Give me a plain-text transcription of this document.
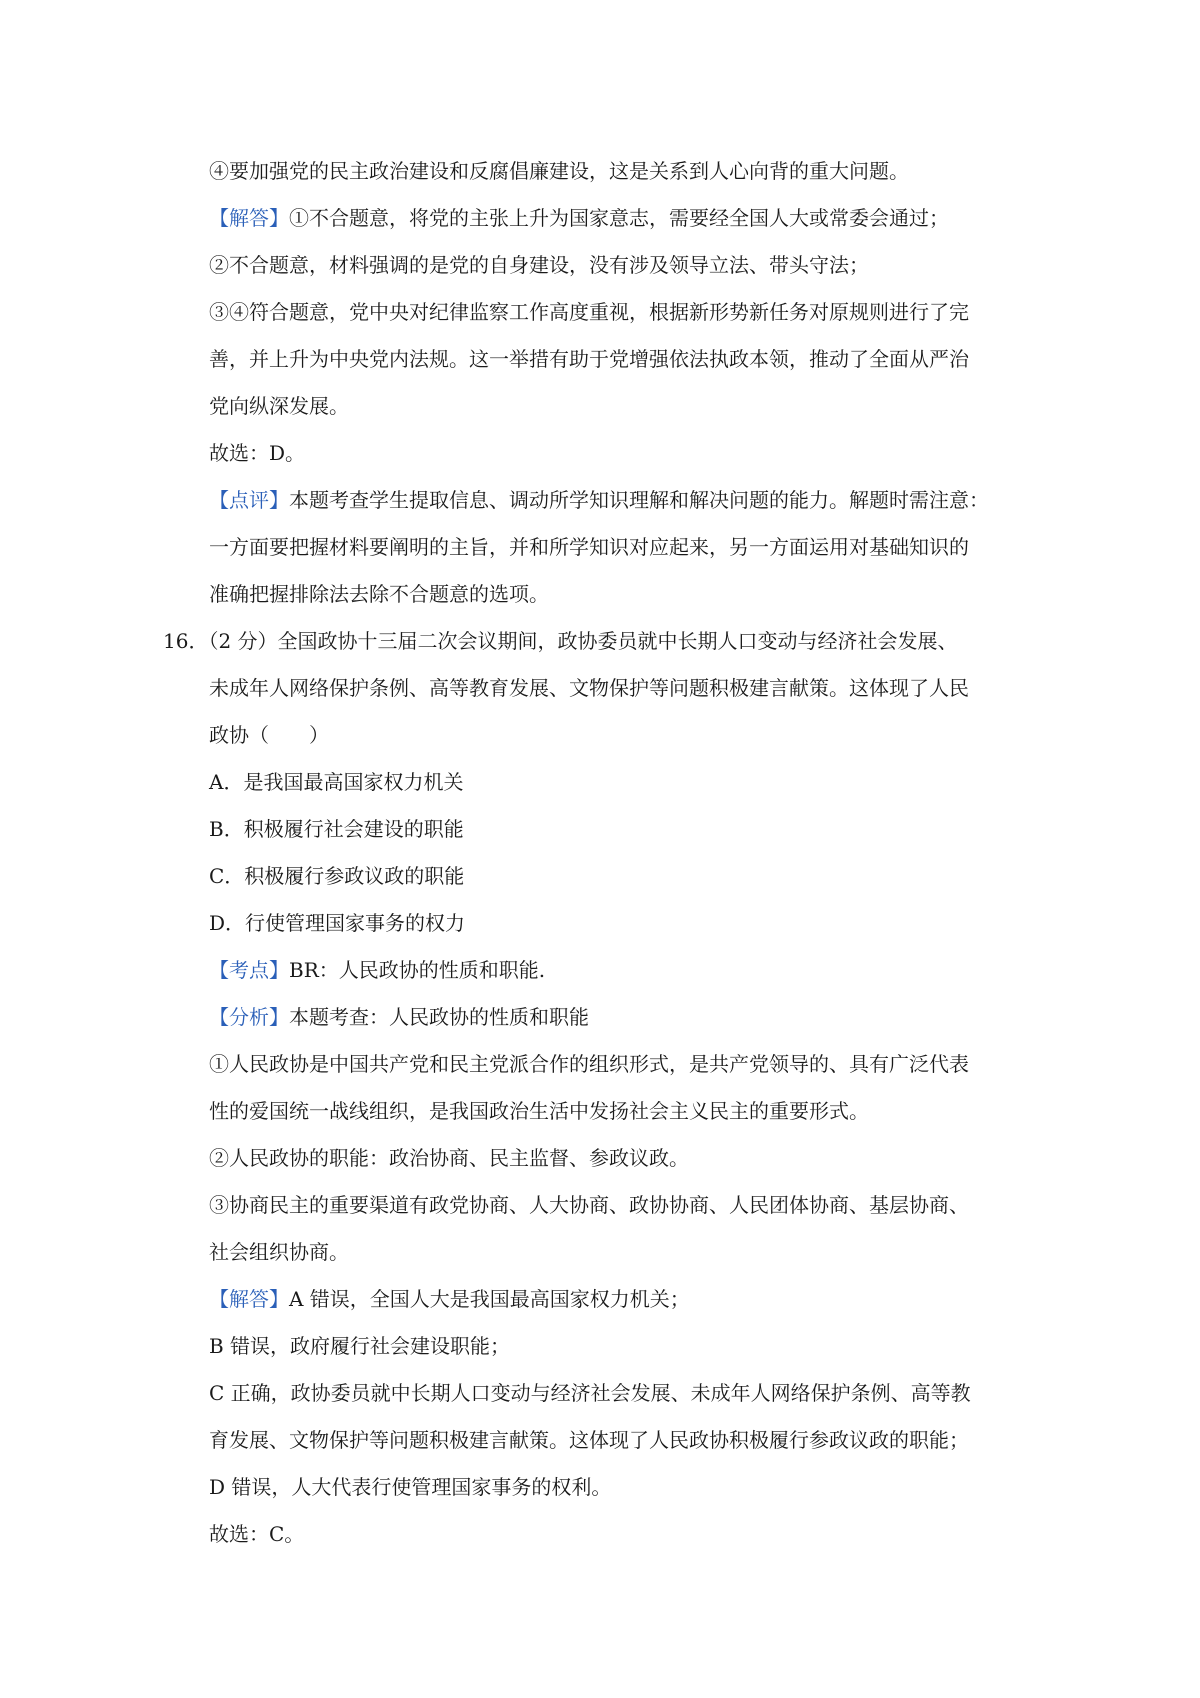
④要加强党的民主政治建设和反腐倡廉建设，这是关系到人心向背的重大问题。
【解答】①不合题意，将党的主张上升为国家意志，需要经全国人大或常委会通过；
②不合题意，材料强调的是党的自身建设，没有涉及领导立法、带头守法；
③④符合题意，党中央对纪律监察工作高度重视，根据新形势新任务对原规则进行了完
善，并上升为中央党内法规。这一举措有助于党增强依法执政本领，推动了全面从严治
党向纵深发展。
故选：D。
【点评】本题考查学生提取信息、调动所学知识理解和解决问题的能力。解题时需注意：
一方面要把握材料要阐明的主旨，并和所学知识对应起来，另一方面运用对基础知识的
准确把握排除法去除不合题意的选项。
16．（2 分）全国政协十三届二次会议期间，政协委员就中长期人口变动与经济社会发展、
未成年人网络保护条例、高等教育发展、文物保护等问题积极建言献策。这体现了人民
政协（　　）
A．是我国最高国家权力机关
B．积极履行社会建设的职能
C．积极履行参政议政的职能
D．行使管理国家事务的权力
【考点】BR：人民政协的性质和职能.
【分析】本题考查：人民政协的性质和职能
①人民政协是中国共产党和民主党派合作的组织形式，是共产党领导的、具有广泛代表
性的爱国统一战线组织，是我国政治生活中发扬社会主义民主的重要形式。
②人民政协的职能：政治协商、民主监督、参政议政。
③协商民主的重要渠道有政党协商、人大协商、政协协商、人民团体协商、基层协商、
社会组织协商。
【解答】A 错误，全国人大是我国最高国家权力机关；
B 错误，政府履行社会建设职能；
C 正确，政协委员就中长期人口变动与经济社会发展、未成年人网络保护条例、高等教
育发展、文物保护等问题积极建言献策。这体现了人民政协积极履行参政议政的职能；
D 错误，人大代表行使管理国家事务的权利。
故选：C。
